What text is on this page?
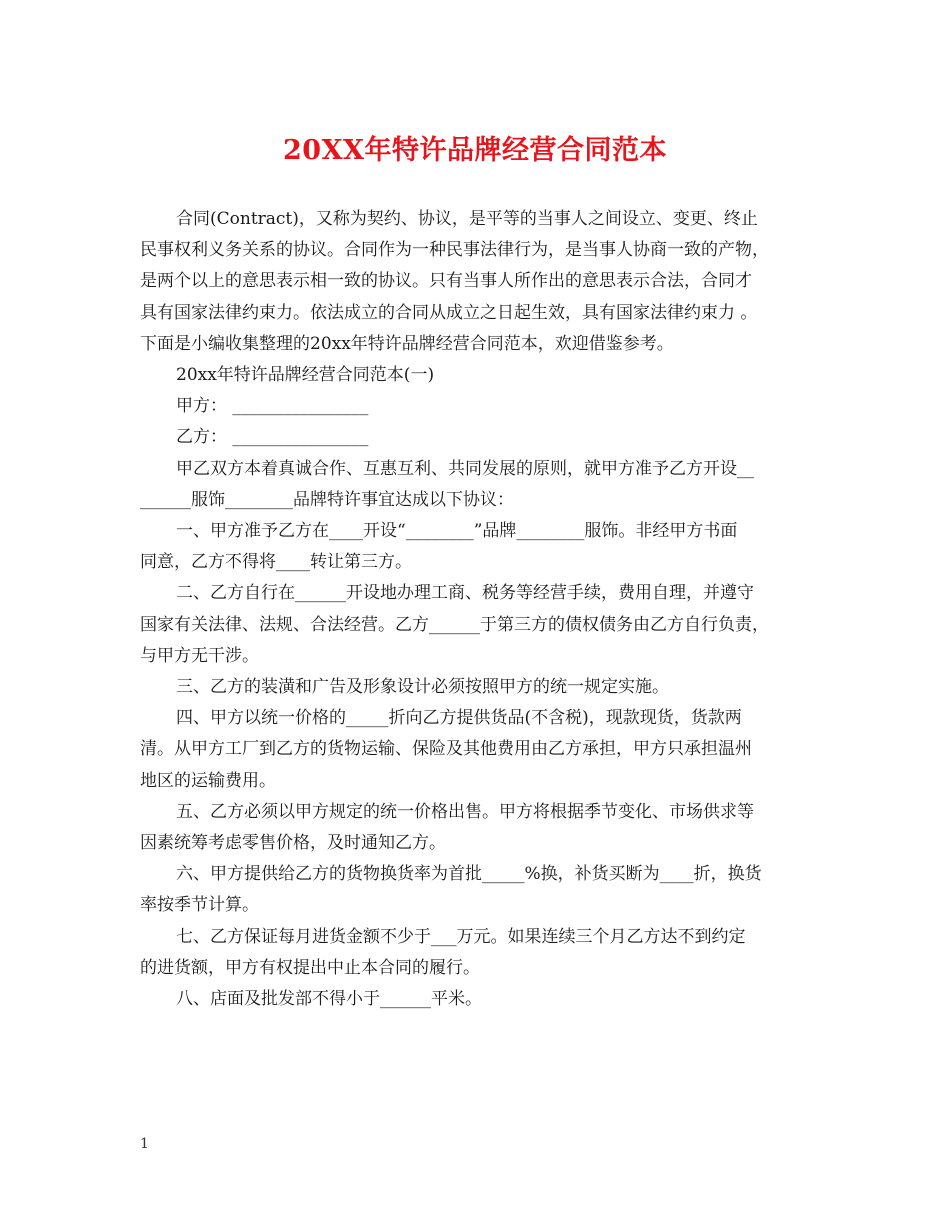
20XX年特许品牌经营合同范本

合同(Contract)，又称为契约、协议，是平等的当事人之间设立、变更、终止

民事权利义务关系的协议。合同作为一种民事法律行为，是当事人协商一致的产物，

是两个以上的意思表示相一致的协议。只有当事人所作出的意思表示合法，合同才

具有国家法律约束力。依法成立的合同从成立之日起生效，具有国家法律约束力 。

下面是小编收集整理的20xx年特许品牌经营合同范本，欢迎借鉴参考。

20xx年特许品牌经营合同范本(一)

甲方： ________________

乙方： ________________

甲乙双方本着真诚合作、互惠互利、共同发展的原则，就甲方准予乙方开设__

______服饰________品牌特许事宜达成以下协议：

一、甲方准予乙方在____开设“________”品牌________服饰。非经甲方书面

同意，乙方不得将____转让第三方。

二、乙方自行在______开设地办理工商、税务等经营手续，费用自理，并遵守

国家有关法律、法规、合法经营。乙方______于第三方的债权债务由乙方自行负责，

与甲方无干涉。

三、乙方的装潢和广告及形象设计必须按照甲方的统一规定实施。

四、甲方以统一价格的_____折向乙方提供货品(不含税)，现款现货，货款两

清。从甲方工厂到乙方的货物运输、保险及其他费用由乙方承担，甲方只承担温州

地区的运输费用。

五、乙方必须以甲方规定的统一价格出售。甲方将根据季节变化、市场供求等

因素统筹考虑零售价格，及时通知乙方。

六、甲方提供给乙方的货物换货率为首批_____%换，补货买断为____折，换货

率按季节计算。

七、乙方保证每月进货金额不少于___万元。如果连续三个月乙方达不到约定

的进货额，甲方有权提出中止本合同的履行。

八、店面及批发部不得小于______平米。

1
